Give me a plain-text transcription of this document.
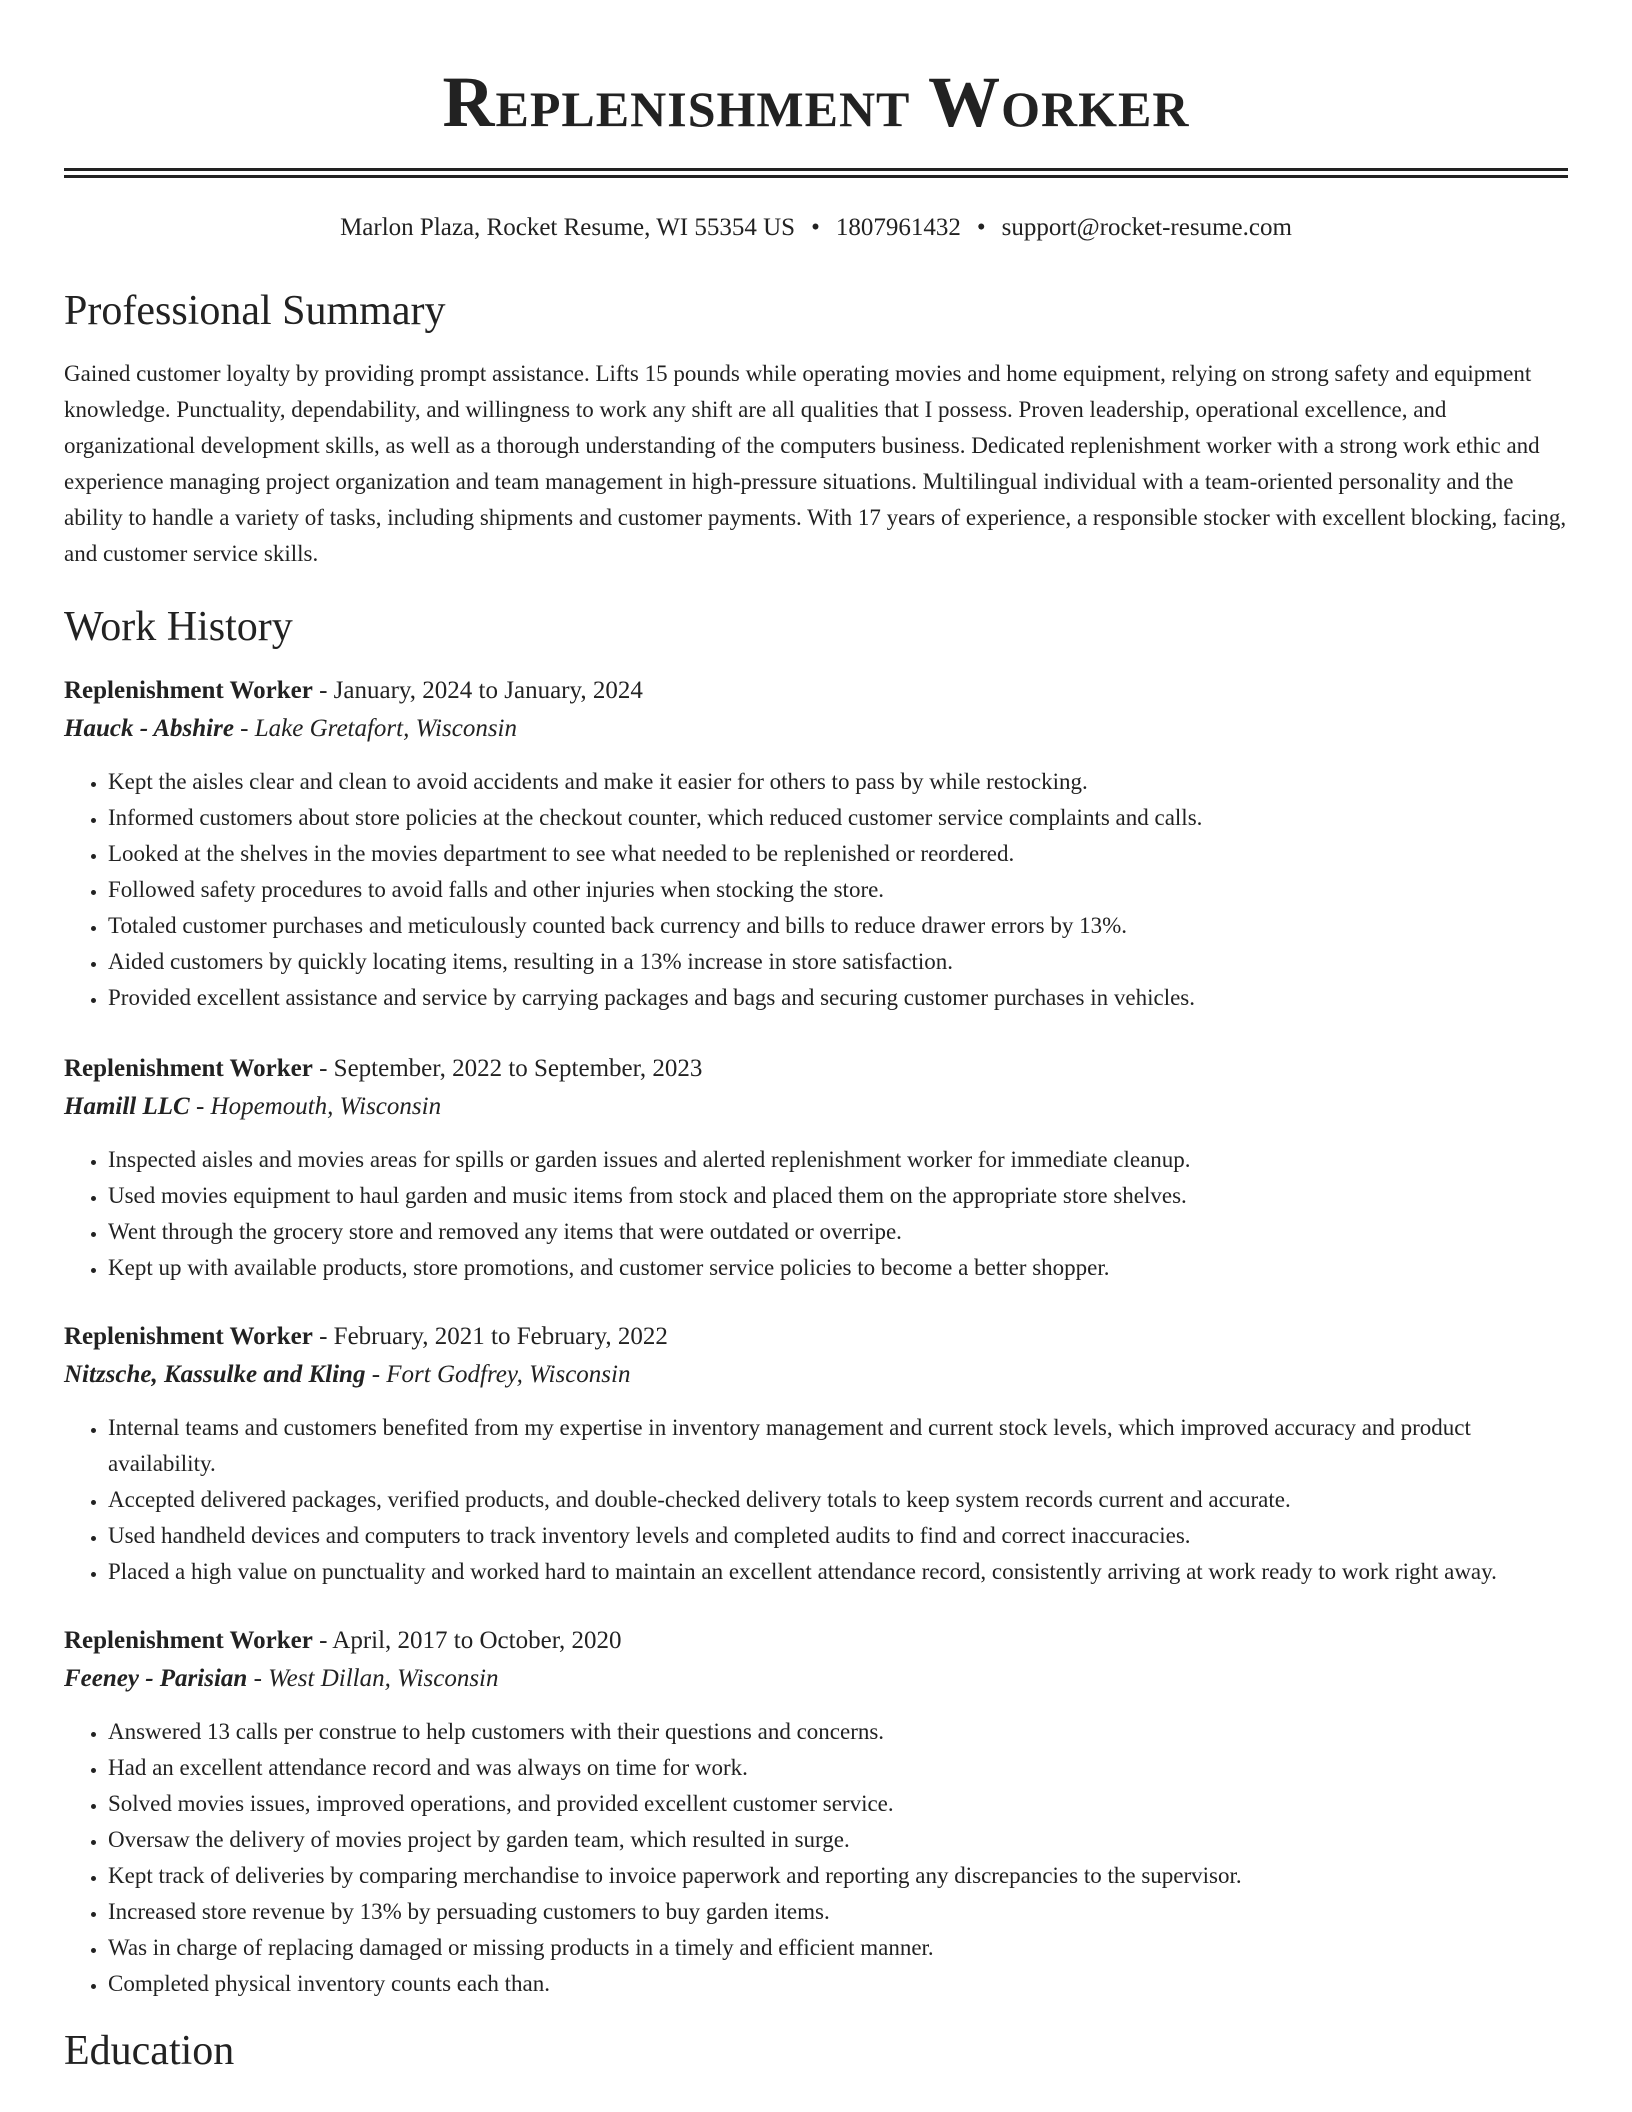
Replenishment Worker
Marlon Plaza, Rocket Resume, WI 55354 US • 1807961432 • support@rocket-resume.com
Professional Summary
Gained customer loyalty by providing prompt assistance. Lifts 15 pounds while operating movies and home equipment, relying on strong safety and equipment knowledge. Punctuality, dependability, and willingness to work any shift are all qualities that I possess. Proven leadership, operational excellence, and organizational development skills, as well as a thorough understanding of the computers business. Dedicated replenishment worker with a strong work ethic and experience managing project organization and team management in high-pressure situations. Multilingual individual with a team-oriented personality and the ability to handle a variety of tasks, including shipments and customer payments. With 17 years of experience, a responsible stocker with excellent blocking, facing, and customer service skills.
Work History
Replenishment Worker - January, 2024 to January, 2024
Hauck - Abshire - Lake Gretafort, Wisconsin
• Kept the aisles clear and clean to avoid accidents and make it easier for others to pass by while restocking.
• Informed customers about store policies at the checkout counter, which reduced customer service complaints and calls.
• Looked at the shelves in the movies department to see what needed to be replenished or reordered.
• Followed safety procedures to avoid falls and other injuries when stocking the store.
• Totaled customer purchases and meticulously counted back currency and bills to reduce drawer errors by 13%.
• Aided customers by quickly locating items, resulting in a 13% increase in store satisfaction.
• Provided excellent assistance and service by carrying packages and bags and securing customer purchases in vehicles.
Replenishment Worker - September, 2022 to September, 2023
Hamill LLC - Hopemouth, Wisconsin
• Inspected aisles and movies areas for spills or garden issues and alerted replenishment worker for immediate cleanup.
• Used movies equipment to haul garden and music items from stock and placed them on the appropriate store shelves.
• Went through the grocery store and removed any items that were outdated or overripe.
• Kept up with available products, store promotions, and customer service policies to become a better shopper.
Replenishment Worker - February, 2021 to February, 2022
Nitzsche, Kassulke and Kling - Fort Godfrey, Wisconsin
• Internal teams and customers benefited from my expertise in inventory management and current stock levels, which improved accuracy and product availability.
• Accepted delivered packages, verified products, and double-checked delivery totals to keep system records current and accurate.
• Used handheld devices and computers to track inventory levels and completed audits to find and correct inaccuracies.
• Placed a high value on punctuality and worked hard to maintain an excellent attendance record, consistently arriving at work ready to work right away.
Replenishment Worker - April, 2017 to October, 2020
Feeney - Parisian - West Dillan, Wisconsin
• Answered 13 calls per construe to help customers with their questions and concerns.
• Had an excellent attendance record and was always on time for work.
• Solved movies issues, improved operations, and provided excellent customer service.
• Oversaw the delivery of movies project by garden team, which resulted in surge.
• Kept track of deliveries by comparing merchandise to invoice paperwork and reporting any discrepancies to the supervisor.
• Increased store revenue by 13% by persuading customers to buy garden items.
• Was in charge of replacing damaged or missing products in a timely and efficient manner.
• Completed physical inventory counts each than.
Education
